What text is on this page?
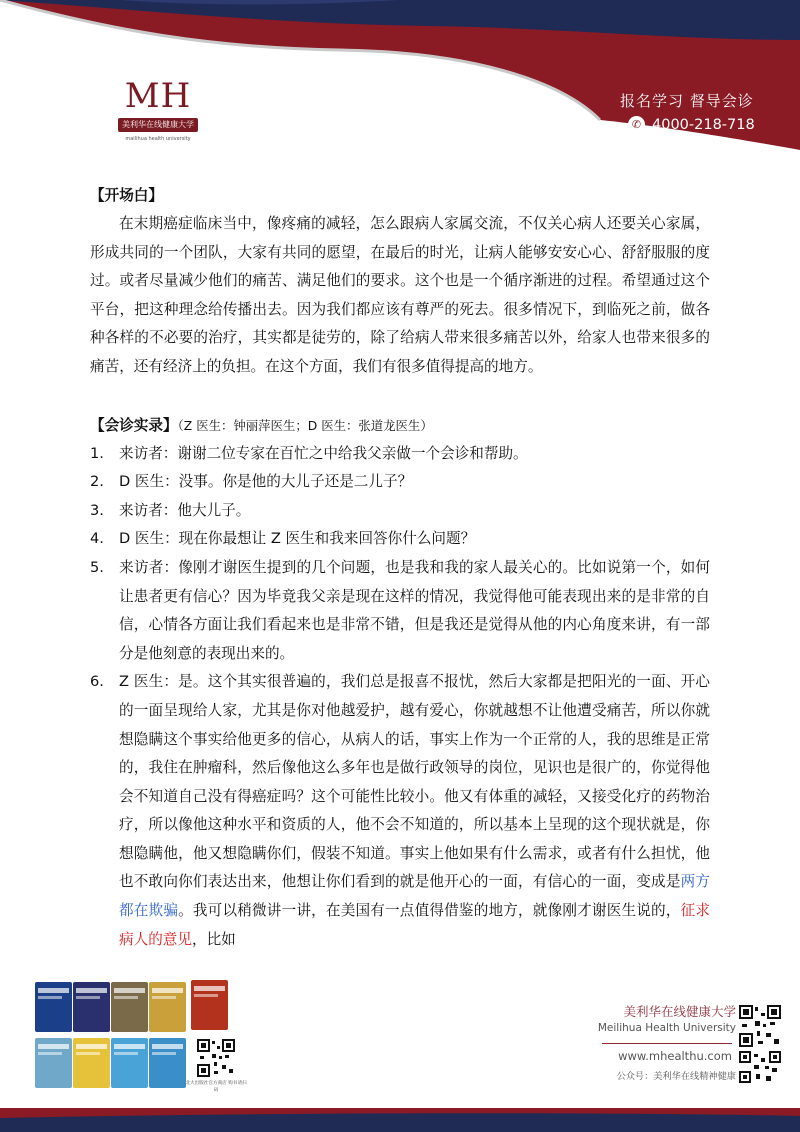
MH
美利华在线健康大学
mailihua health university
报名学习 督导会诊
✆ 4000-218-718

【开场白】

在末期癌症临床当中，像疼痛的减轻，怎么跟病人家属交流，不仅关心病人还要关心家属，形成共同的一个团队，大家有共同的愿望，在最后的时光，让病人能够安安心心、舒舒服服的度过。或者尽量减少他们的痛苦、满足他们的要求。这个也是一个循序渐进的过程。希望通过这个平台，把这种理念给传播出去。因为我们都应该有尊严的死去。很多情况下，到临死之前，做各种各样的不必要的治疗，其实都是徒劳的，除了给病人带来很多痛苦以外，给家人也带来很多的痛苦，还有经济上的负担。在这个方面，我们有很多值得提高的地方。

【会诊实录】（Z 医生：钟丽萍医生；D 医生：张道龙医生）

1. 来访者：谢谢二位专家在百忙之中给我父亲做一个会诊和帮助。

2. D 医生：没事。你是他的大儿子还是二儿子？

3. 来访者：他大儿子。

4. D 医生：现在你最想让 Z 医生和我来回答你什么问题？

5. 来访者：像刚才谢医生提到的几个问题，也是我和我的家人最关心的。比如说第一个，如何让患者更有信心？因为毕竟我父亲是现在这样的情况，我觉得他可能表现出来的是非常的自信，心情各方面让我们看起来也是非常不错，但是我还是觉得从他的内心角度来讲，有一部分是他刻意的表现出来的。

6. Z 医生：是。这个其实很普遍的，我们总是报喜不报忧，然后大家都是把阳光的一面、开心的一面呈现给人家，尤其是你对他越爱护，越有爱心，你就越想不让他遭受痛苦，所以你就想隐瞒这个事实给他更多的信心，从病人的话，事实上作为一个正常的人，我的思维是正常的，我住在肿瘤科，然后像他这么多年也是做行政领导的岗位，见识也是很广的，你觉得他会不知道自己没有得癌症吗？这个可能性比较小。他又有体重的减轻，又接受化疗的药物治疗，所以像他这种水平和资质的人，他不会不知道的，所以基本上呈现的这个现状就是，你想隐瞒他，他又想隐瞒你们，假装不知道。事实上他如果有什么需求，或者有什么担忧，他也不敢向你们表达出来，他想让你们看到的就是他开心的一面，有信心的一面，变成是两方都在欺骗。我可以稍微讲一讲，在美国有一点值得借鉴的地方，就像刚才谢医生说的，征求病人的意见，比如

北大出版社官方商店 购书请扫码
美利华在线健康大学
Meilihua Health University
www.mhealthu.com
公众号：美利华在线精神健康
